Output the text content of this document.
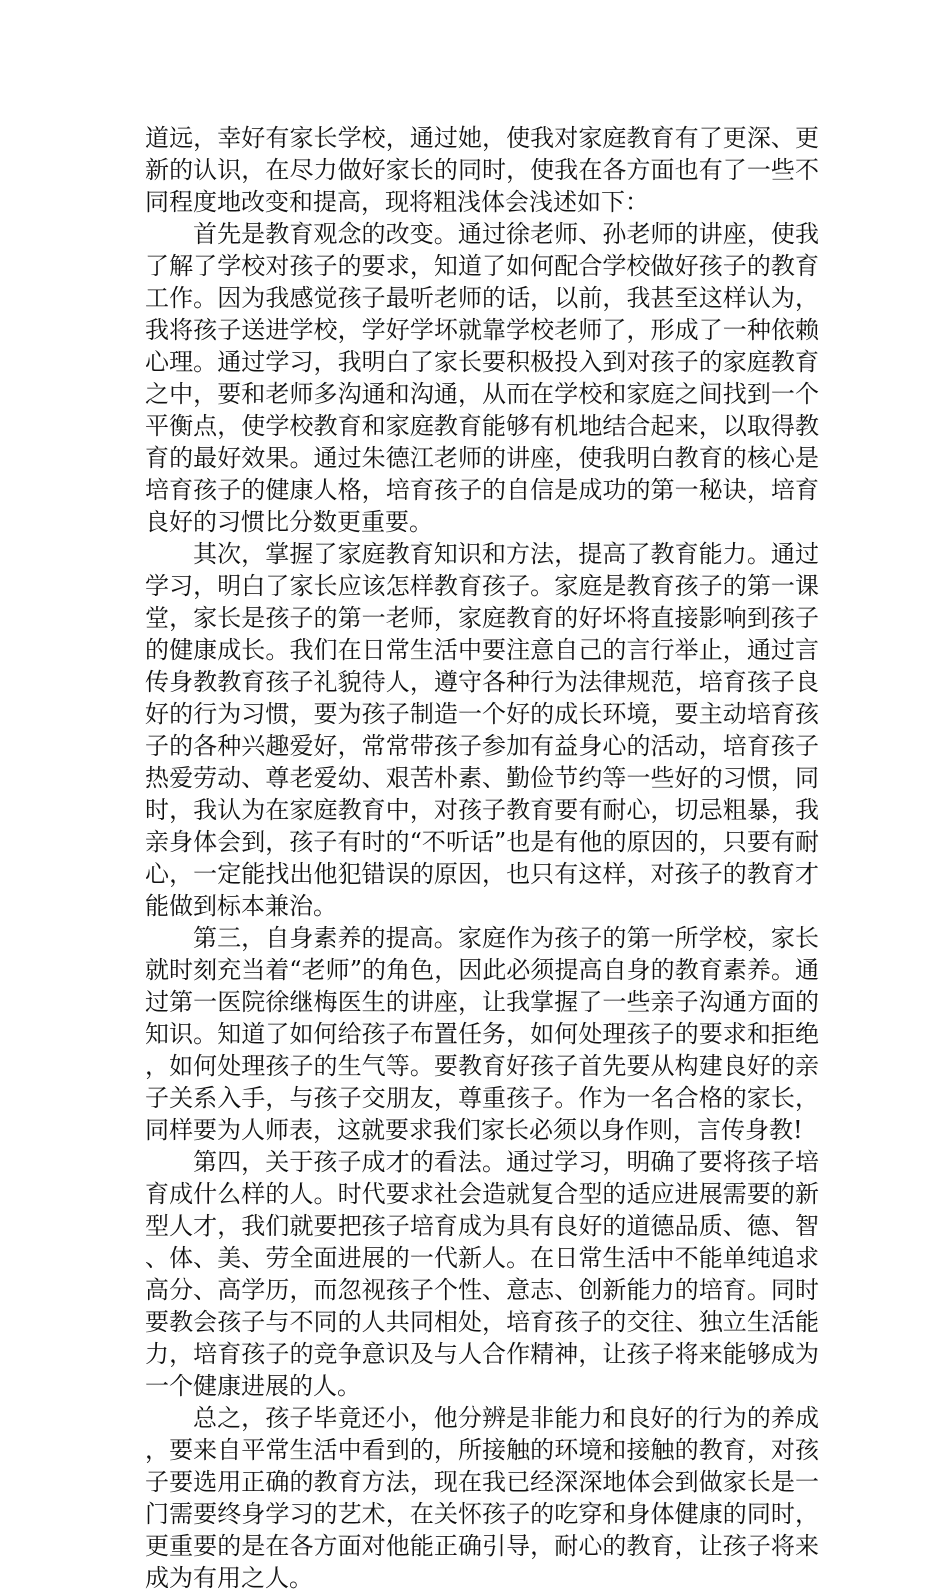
道远，幸好有家长学校，通过她，使我对家庭教育有了更深、更新的认识，在尽力做好家长的同时，使我在各方面也有了一些不同程度地改变和提高，现将粗浅体会浅述如下：

首先是教育观念的改变。通过徐老师、孙老师的讲座，使我了解了学校对孩子的要求，知道了如何配合学校做好孩子的教育工作。因为我感觉孩子最听老师的话，以前，我甚至这样认为，我将孩子送进学校，学好学坏就靠学校老师了，形成了一种依赖心理。通过学习，我明白了家长要积极投入到对孩子的家庭教育之中，要和老师多沟通和沟通，从而在学校和家庭之间找到一个平衡点，使学校教育和家庭教育能够有机地结合起来，以取得教育的最好效果。通过朱德江老师的讲座，使我明白教育的核心是培育孩子的健康人格，培育孩子的自信是成功的第一秘诀，培育良好的习惯比分数更重要。

其次，掌握了家庭教育知识和方法，提高了教育能力。通过学习，明白了家长应该怎样教育孩子。家庭是教育孩子的第一课堂，家长是孩子的第一老师，家庭教育的好坏将直接影响到孩子的健康成长。我们在日常生活中要注意自己的言行举止，通过言传身教教育孩子礼貌待人，遵守各种行为法律规范，培育孩子良好的行为习惯，要为孩子制造一个好的成长环境，要主动培育孩子的各种兴趣爱好，常常带孩子参加有益身心的活动，培育孩子热爱劳动、尊老爱幼、艰苦朴素、勤俭节约等一些好的习惯，同时，我认为在家庭教育中，对孩子教育要有耐心，切忌粗暴，我亲身体会到，孩子有时的“不听话”也是有他的原因的，只要有耐心，一定能找出他犯错误的原因，也只有这样，对孩子的教育才能做到标本兼治。

第三，自身素养的提高。家庭作为孩子的第一所学校，家长就时刻充当着“老师”的角色，因此必须提高自身的教育素养。通过第一医院徐继梅医生的讲座，让我掌握了一些亲子沟通方面的知识。知道了如何给孩子布置任务，如何处理孩子的要求和拒绝，如何处理孩子的生气等。要教育好孩子首先要从构建良好的亲子关系入手，与孩子交朋友，尊重孩子。作为一名合格的家长，同样要为人师表，这就要求我们家长必须以身作则，言传身教!

第四，关于孩子成才的看法。通过学习，明确了要将孩子培育成什么样的人。时代要求社会造就复合型的适应进展需要的新型人才，我们就要把孩子培育成为具有良好的道德品质、德、智、体、美、劳全面进展的一代新人。在日常生活中不能单纯追求高分、高学历，而忽视孩子个性、意志、创新能力的培育。同时要教会孩子与不同的人共同相处，培育孩子的交往、独立生活能力，培育孩子的竞争意识及与人合作精神，让孩子将来能够成为一个健康进展的人。

总之，孩子毕竟还小，他分辨是非能力和良好的行为的养成，要来自平常生活中看到的，所接触的环境和接触的教育，对孩子要选用正确的教育方法，现在我已经深深地体会到做家长是一门需要终身学习的艺术，在关怀孩子的吃穿和身体健康的同时，更重要的是在各方面对他能正确引导，耐心的教育，让孩子将来成为有用之人。
